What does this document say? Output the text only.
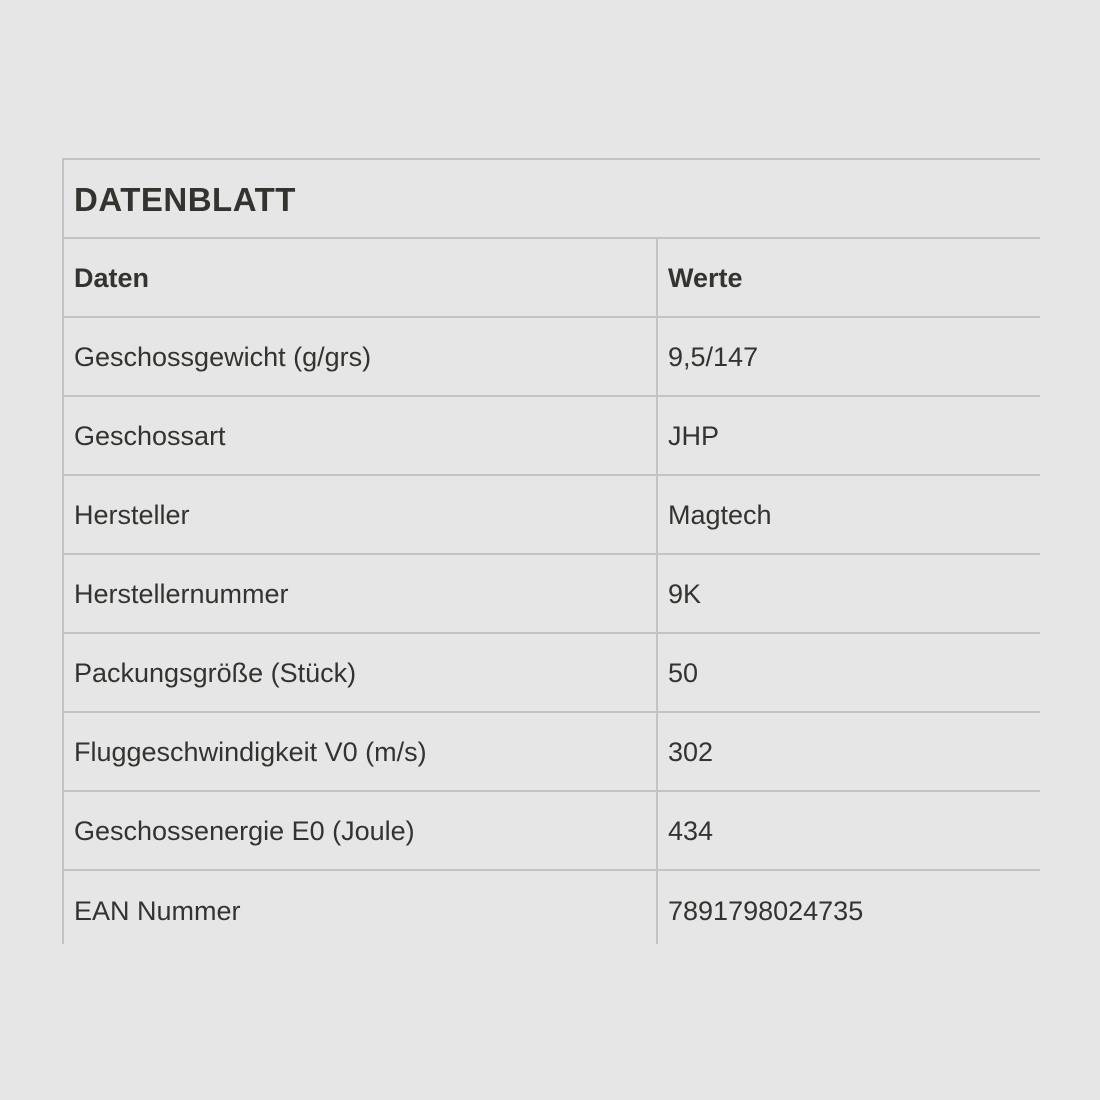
DATENBLATT
Daten	Werte
Geschossgewicht (g/grs)	9,5/147
Geschossart	JHP
Hersteller	Magtech
Herstellernummer	9K
Packungsgröße (Stück)	50
Fluggeschwindigkeit V0 (m/s)	302
Geschossenergie E0 (Joule)	434
EAN Nummer	7891798024735
